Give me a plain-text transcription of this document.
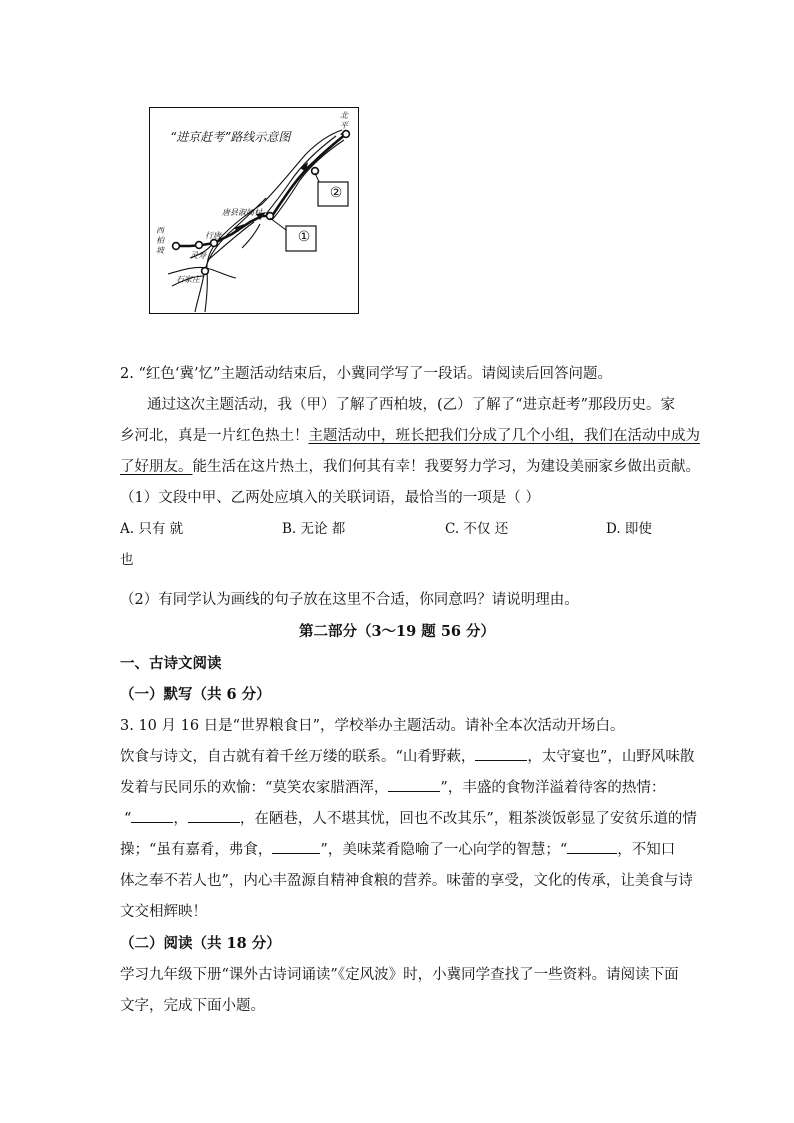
“进京赶考”路线示意图
①
②
西柏坡
灵寿
行唐
唐县淑闾村
石家庄
北平
2. “红色‘冀’忆”主题活动结束后，小冀同学写了一段话。请阅读后回答问题。
通过这次主题活动，我（甲）了解了西柏坡，(乙）了解了“进京赶考”那段历史。家
乡河北，真是一片红色热土！主题活动中，班长把我们分成了几个小组，我们在活动中成为
了好朋友。能生活在这片热土，我们何其有幸！我要努力学习，为建设美丽家乡做出贡献。
（1）文段中甲、乙两处应填入的关联词语，最恰当的一项是（ ）
A. 只有 就	B. 无论 都	C. 不仅 还	D. 即使
也
（2）有同学认为画线的句子放在这里不合适，你同意吗？请说明理由。
第二部分（3～19 题 56 分）
一、古诗文阅读
（一）默写（共 6 分）
3. 10 月 16 日是“世界粮食日”，学校举办主题活动。请补全本次活动开场白。
饮食与诗文，自古就有着千丝万缕的联系。“山肴野蔌，	，太守宴也”，山野风味散
发着与民同乐的欢愉：“莫笑农家腊酒浑，	”，丰盛的食物洋溢着待客的热情：
“	，	，在陋巷，人不堪其忧，回也不改其乐”，粗茶淡饭彰显了安贫乐道的情
操；“虽有嘉肴，弗食，	”，美味菜肴隐喻了一心向学的智慧；“	，不知口
体之奉不若人也”，内心丰盈源自精神食粮的营养。味蕾的享受，文化的传承，让美食与诗
文交相辉映！
（二）阅读（共 18 分）
学习九年级下册“课外古诗词诵读”《定风波》时，小冀同学查找了一些资料。请阅读下面
文字，完成下面小题。
